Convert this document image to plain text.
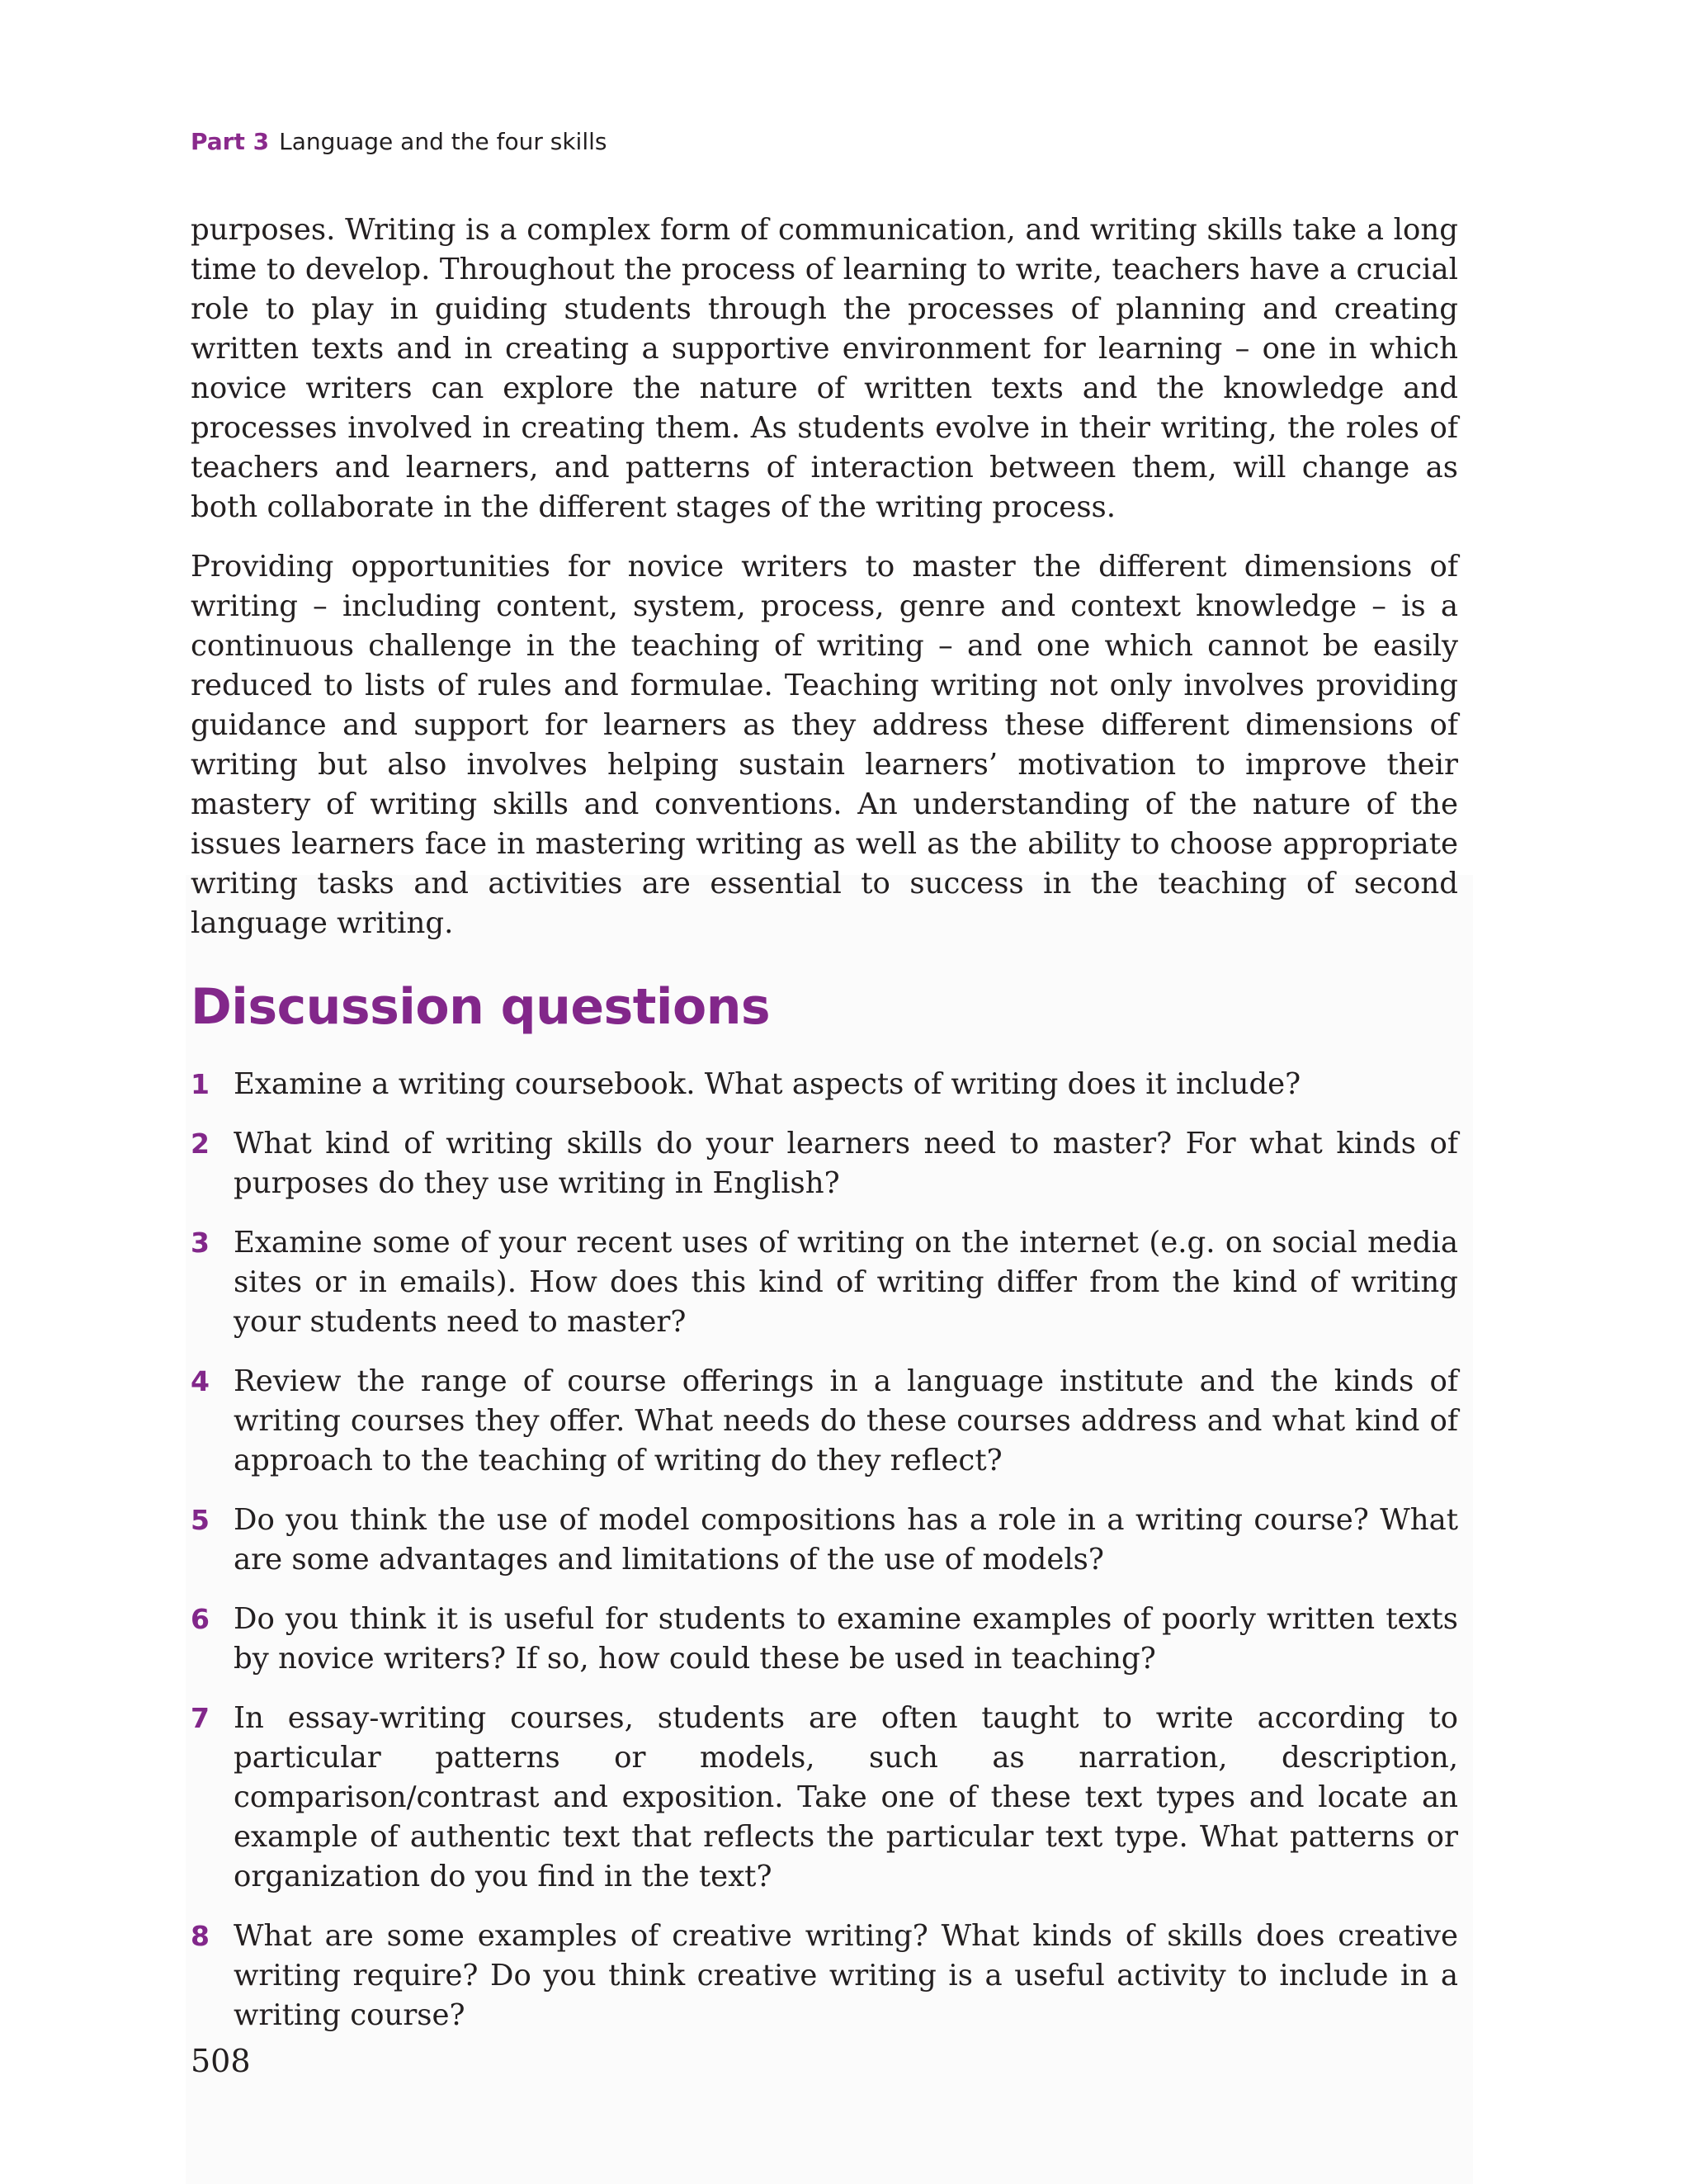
Part 3 Language and the four skills

purposes. Writing is a complex form of communication, and writing skills take a long time to develop. Throughout the process of learning to write, teachers have a crucial role to play in guiding students through the processes of planning and creating written texts and in creating a supportive environment for learning – one in which novice writers can explore the nature of written texts and the knowledge and processes involved in creating them. As students evolve in their writing, the roles of teachers and learners, and patterns of interaction between them, will change as both collaborate in the different stages of the writing process.

Providing opportunities for novice writers to master the different dimensions of writing – including content, system, process, genre and context knowledge – is a continuous challenge in the teaching of writing – and one which cannot be easily reduced to lists of rules and formulae. Teaching writing not only involves providing guidance and support for learners as they address these different dimensions of writing but also involves helping sustain learners’ motivation to improve their mastery of writing skills and conventions. An understanding of the nature of the issues learners face in mastering writing as well as the ability to choose appropriate writing tasks and activities are essential to success in the teaching of second language writing.

Discussion questions
1 Examine a writing coursebook. What aspects of writing does it include?
2 What kind of writing skills do your learners need to master? For what kinds of purposes do they use writing in English?
3 Examine some of your recent uses of writing on the internet (e.g. on social media sites or in emails). How does this kind of writing differ from the kind of writing your students need to master?
4 Review the range of course offerings in a language institute and the kinds of writing courses they offer. What needs do these courses address and what kind of approach to the teaching of writing do they reflect?
5 Do you think the use of model compositions has a role in a writing course? What are some advantages and limitations of the use of models?
6 Do you think it is useful for students to examine examples of poorly written texts by novice writers? If so, how could these be used in teaching?
7 In essay-writing courses, students are often taught to write according to particular patterns or models, such as narration, description, comparison/contrast and exposition. Take one of these text types and locate an example of authentic text that reflects the particular text type. What patterns or organization do you find in the text?
8 What are some examples of creative writing? What kinds of skills does creative writing require? Do you think creative writing is a useful activity to include in a writing course?
508
